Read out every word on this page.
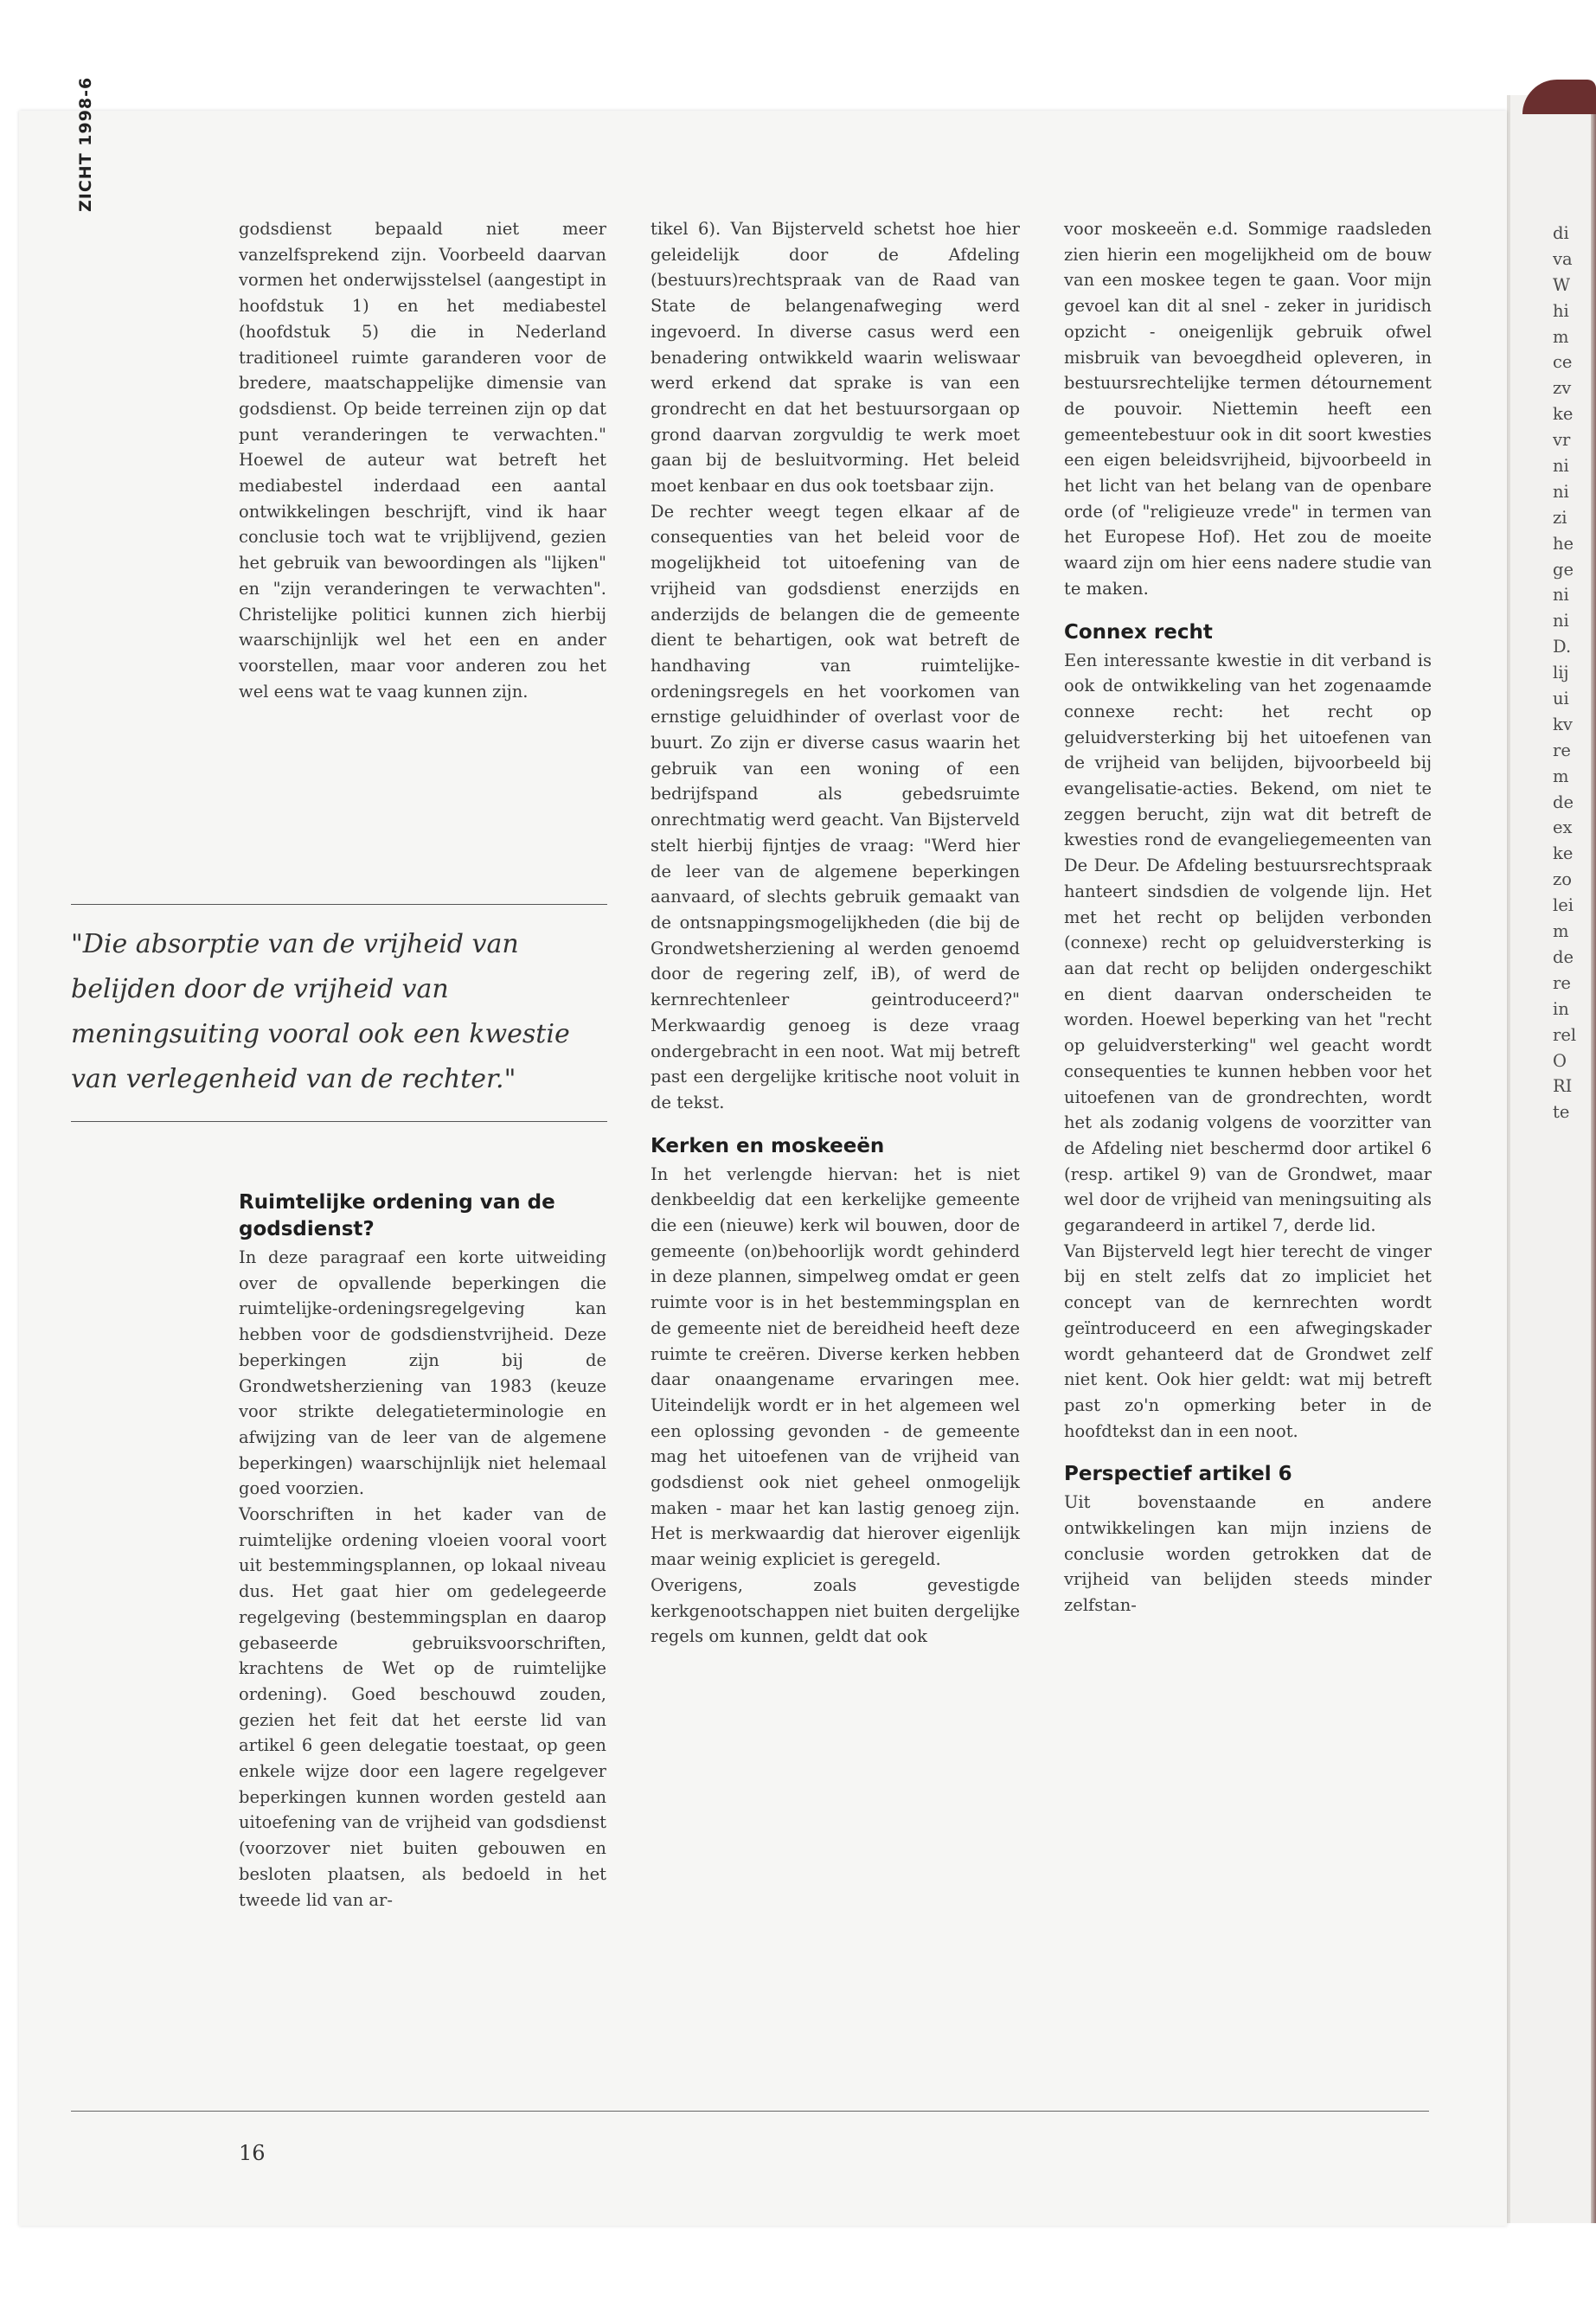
ZICHT 1998-6

godsdienst bepaald niet meer vanzelfsprekend zijn. Voorbeeld daarvan vormen het onderwijsstelsel (aangestipt in hoofdstuk 1) en het mediabestel (hoofdstuk 5) die in Nederland traditioneel ruimte garanderen voor de bredere, maatschappelijke dimensie van godsdienst. Op beide terreinen zijn op dat punt veranderingen te verwachten." Hoewel de auteur wat betreft het mediabestel inderdaad een aantal ontwikkelingen beschrijft, vind ik haar conclusie toch wat te vrijblijvend, gezien het gebruik van bewoordingen als "lijken" en "zijn veranderingen te verwachten". Christelijke politici kunnen zich hierbij waarschijnlijk wel het een en ander voorstellen, maar voor anderen zou het wel eens wat te vaag kunnen zijn.

"Die absorptie van de vrijheid van belijden door de vrijheid van meningsuiting vooral ook een kwestie van verlegenheid van de rechter."
Ruimtelijke ordening van de godsdienst?

In deze paragraaf een korte uitweiding over de opvallende beperkingen die ruimtelijke-ordeningsregelgeving kan hebben voor de godsdienstvrijheid. Deze beperkingen zijn bij de Grondwetsherziening van 1983 (keuze voor strikte delegatieterminologie en afwijzing van de leer van de algemene beperkingen) waarschijnlijk niet helemaal goed voorzien.

Voorschriften in het kader van de ruimtelijke ordening vloeien vooral voort uit bestemmingsplannen, op lokaal niveau dus. Het gaat hier om gedelegeerde regelgeving (bestemmingsplan en daarop gebaseerde gebruiksvoorschriften, krachtens de Wet op de ruimtelijke ordening). Goed beschouwd zouden, gezien het feit dat het eerste lid van artikel 6 geen delegatie toestaat, op geen enkele wijze door een lagere regelgever beperkingen kunnen worden gesteld aan uitoefening van de vrijheid van godsdienst (voorzover niet buiten gebouwen en besloten plaatsen, als bedoeld in het tweede lid van ar-

tikel 6). Van Bijsterveld schetst hoe hier geleidelijk door de Afdeling (bestuurs)rechtspraak van de Raad van State de belangenafweging werd ingevoerd. In diverse casus werd een benadering ontwikkeld waarin weliswaar werd erkend dat sprake is van een grondrecht en dat het bestuursorgaan op grond daarvan zorgvuldig te werk moet gaan bij de besluitvorming. Het beleid moet kenbaar en dus ook toetsbaar zijn.

De rechter weegt tegen elkaar af de consequenties van het beleid voor de mogelijkheid tot uitoefening van de vrijheid van godsdienst enerzijds en anderzijds de belangen die de gemeente dient te behartigen, ook wat betreft de handhaving van ruimtelijke-ordeningsregels en het voorkomen van ernstige geluidhinder of overlast voor de buurt. Zo zijn er diverse casus waarin het gebruik van een woning of een bedrijfspand als gebedsruimte onrechtmatig werd geacht. Van Bijsterveld stelt hierbij fijntjes de vraag: "Werd hier de leer van de algemene beperkingen aanvaard, of slechts gebruik gemaakt van de ontsnappingsmogelijkheden (die bij de Grondwetsherziening al werden genoemd door de regering zelf, iB), of werd de kernrechtenleer geintroduceerd?" Merkwaardig genoeg is deze vraag ondergebracht in een noot. Wat mij betreft past een dergelijke kritische noot voluit in de tekst.

Kerken en moskeeën

In het verlengde hiervan: het is niet denkbeeldig dat een kerkelijke gemeente die een (nieuwe) kerk wil bouwen, door de gemeente (on)behoorlijk wordt gehinderd in deze plannen, simpelweg omdat er geen ruimte voor is in het bestemmingsplan en de gemeente niet de bereidheid heeft deze ruimte te creëren. Diverse kerken hebben daar onaangename ervaringen mee. Uiteindelijk wordt er in het algemeen wel een oplossing gevonden - de gemeente mag het uitoefenen van de vrijheid van godsdienst ook niet geheel onmogelijk maken - maar het kan lastig genoeg zijn. Het is merkwaardig dat hierover eigenlijk maar weinig expliciet is geregeld.

Overigens, zoals gevestigde kerkgenootschappen niet buiten dergelijke regels om kunnen, geldt dat ook

voor moskeeën e.d. Sommige raadsleden zien hierin een mogelijkheid om de bouw van een moskee tegen te gaan. Voor mijn gevoel kan dit al snel - zeker in juridisch opzicht - oneigenlijk gebruik ofwel misbruik van bevoegdheid opleveren, in bestuursrechtelijke termen détournement de pouvoir. Niettemin heeft een gemeentebestuur ook in dit soort kwesties een eigen beleidsvrijheid, bijvoorbeeld in het licht van het belang van de openbare orde (of "religieuze vrede" in termen van het Europese Hof). Het zou de moeite waard zijn om hier eens nadere studie van te maken.

Connex recht

Een interessante kwestie in dit verband is ook de ontwikkeling van het zogenaamde connexe recht: het recht op geluidversterking bij het uitoefenen van de vrijheid van belijden, bijvoorbeeld bij evangelisatie-acties. Bekend, om niet te zeggen berucht, zijn wat dit betreft de kwesties rond de evangeliegemeenten van De Deur. De Afdeling bestuursrechtspraak hanteert sindsdien de volgende lijn. Het met het recht op belijden verbonden (connexe) recht op geluidversterking is aan dat recht op belijden ondergeschikt en dient daarvan onderscheiden te worden. Hoewel beperking van het "recht op geluidversterking" wel geacht wordt consequenties te kunnen hebben voor het uitoefenen van de grondrechten, wordt het als zodanig volgens de voorzitter van de Afdeling niet beschermd door artikel 6 (resp. artikel 9) van de Grondwet, maar wel door de vrijheid van meningsuiting als gegarandeerd in artikel 7, derde lid.

Van Bijsterveld legt hier terecht de vinger bij en stelt zelfs dat zo impliciet het concept van de kernrechten wordt geïntroduceerd en een afwegingskader wordt gehanteerd dat de Grondwet zelf niet kent. Ook hier geldt: wat mij betreft past zo'n opmerking beter in de hoofdtekst dan in een noot.

Perspectief artikel 6

Uit bovenstaande en andere ontwikkelingen kan mijn inziens de conclusie worden getrokken dat de vrijheid van belijden steeds minder zelfstan-

di
va
W
hi
m
ce
zv
ke
vr
ni
ni
zi
he
ge
ni
ni
D.
lij
ui
kv
re
m
de
ex
ke
zo
lei
m
de
re
in
rel
O
RI
te
16
